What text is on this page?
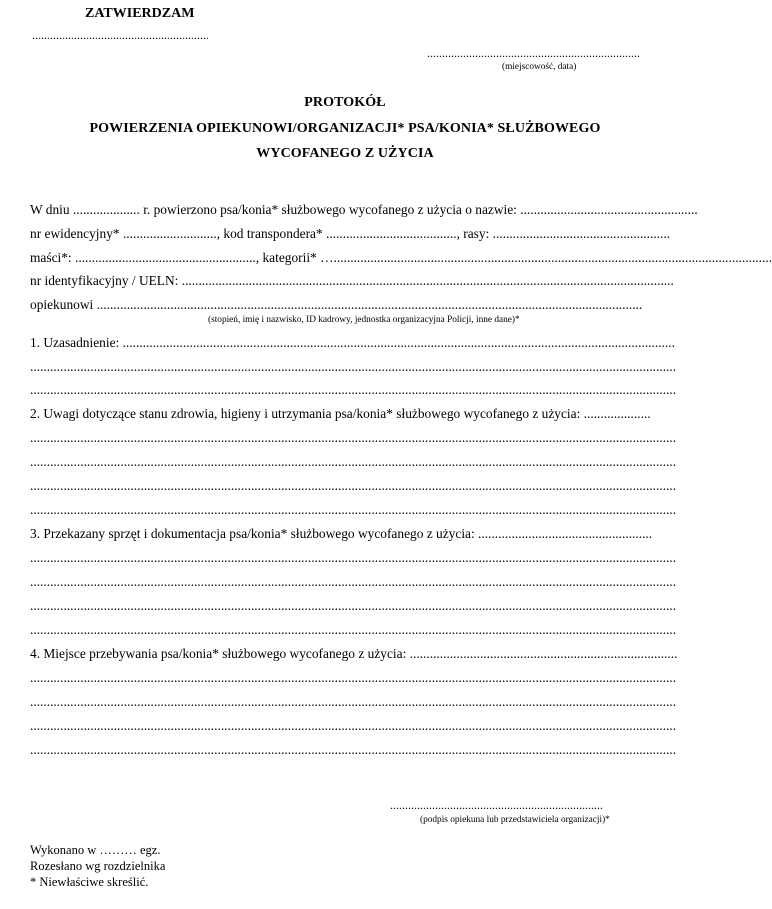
ZATWIERDZAM
...........................................................
.......................................................................
(miejscowość, data)
PROTOKÓŁ
POWIERZENIA OPIEKUNOWI/ORGANIZACJI* PSA/KONIA* SŁUŻBOWEGO
WYCOFANEGO Z UŻYCIA
W dniu .................... r. powierzono psa/konia* służbowego wycofanego z użycia o nazwie: .....................................................
nr ewidencyjny* ............................, kod transpondera* ......................................., rasy: .....................................................
maści*: ......................................................, kategorii* …...................................................................................................................................
nr identyfikacyjny / UELN: ...................................................................................................................................................
opiekunowi ...................................................................................................................................................................
(stopień, imię i nazwisko, ID kadrowy, jednostka organizacyjna Policji, inne dane)*
1. Uzasadnienie: .....................................................................................................................................................................
.................................................................................................................................................................................................
.................................................................................................................................................................................................
2. Uwagi dotyczące stanu zdrowia, higieny i utrzymania psa/konia* służbowego wycofanego z użycia: ....................
.................................................................................................................................................................................................
.................................................................................................................................................................................................
.................................................................................................................................................................................................
.................................................................................................................................................................................................
3. Przekazany sprzęt i dokumentacja psa/konia* służbowego wycofanego z użycia: ....................................................
.................................................................................................................................................................................................
.................................................................................................................................................................................................
.................................................................................................................................................................................................
.................................................................................................................................................................................................
4. Miejsce przebywania psa/konia* służbowego wycofanego z użycia: ................................................................................
.................................................................................................................................................................................................
.................................................................................................................................................................................................
.................................................................................................................................................................................................
.................................................................................................................................................................................................
.......................................................................
(podpis opiekuna lub przedstawiciela organizacji)*
Wykonano w ……… egz.
Rozesłano wg rozdzielnika
* Niewłaściwe skreślić.
